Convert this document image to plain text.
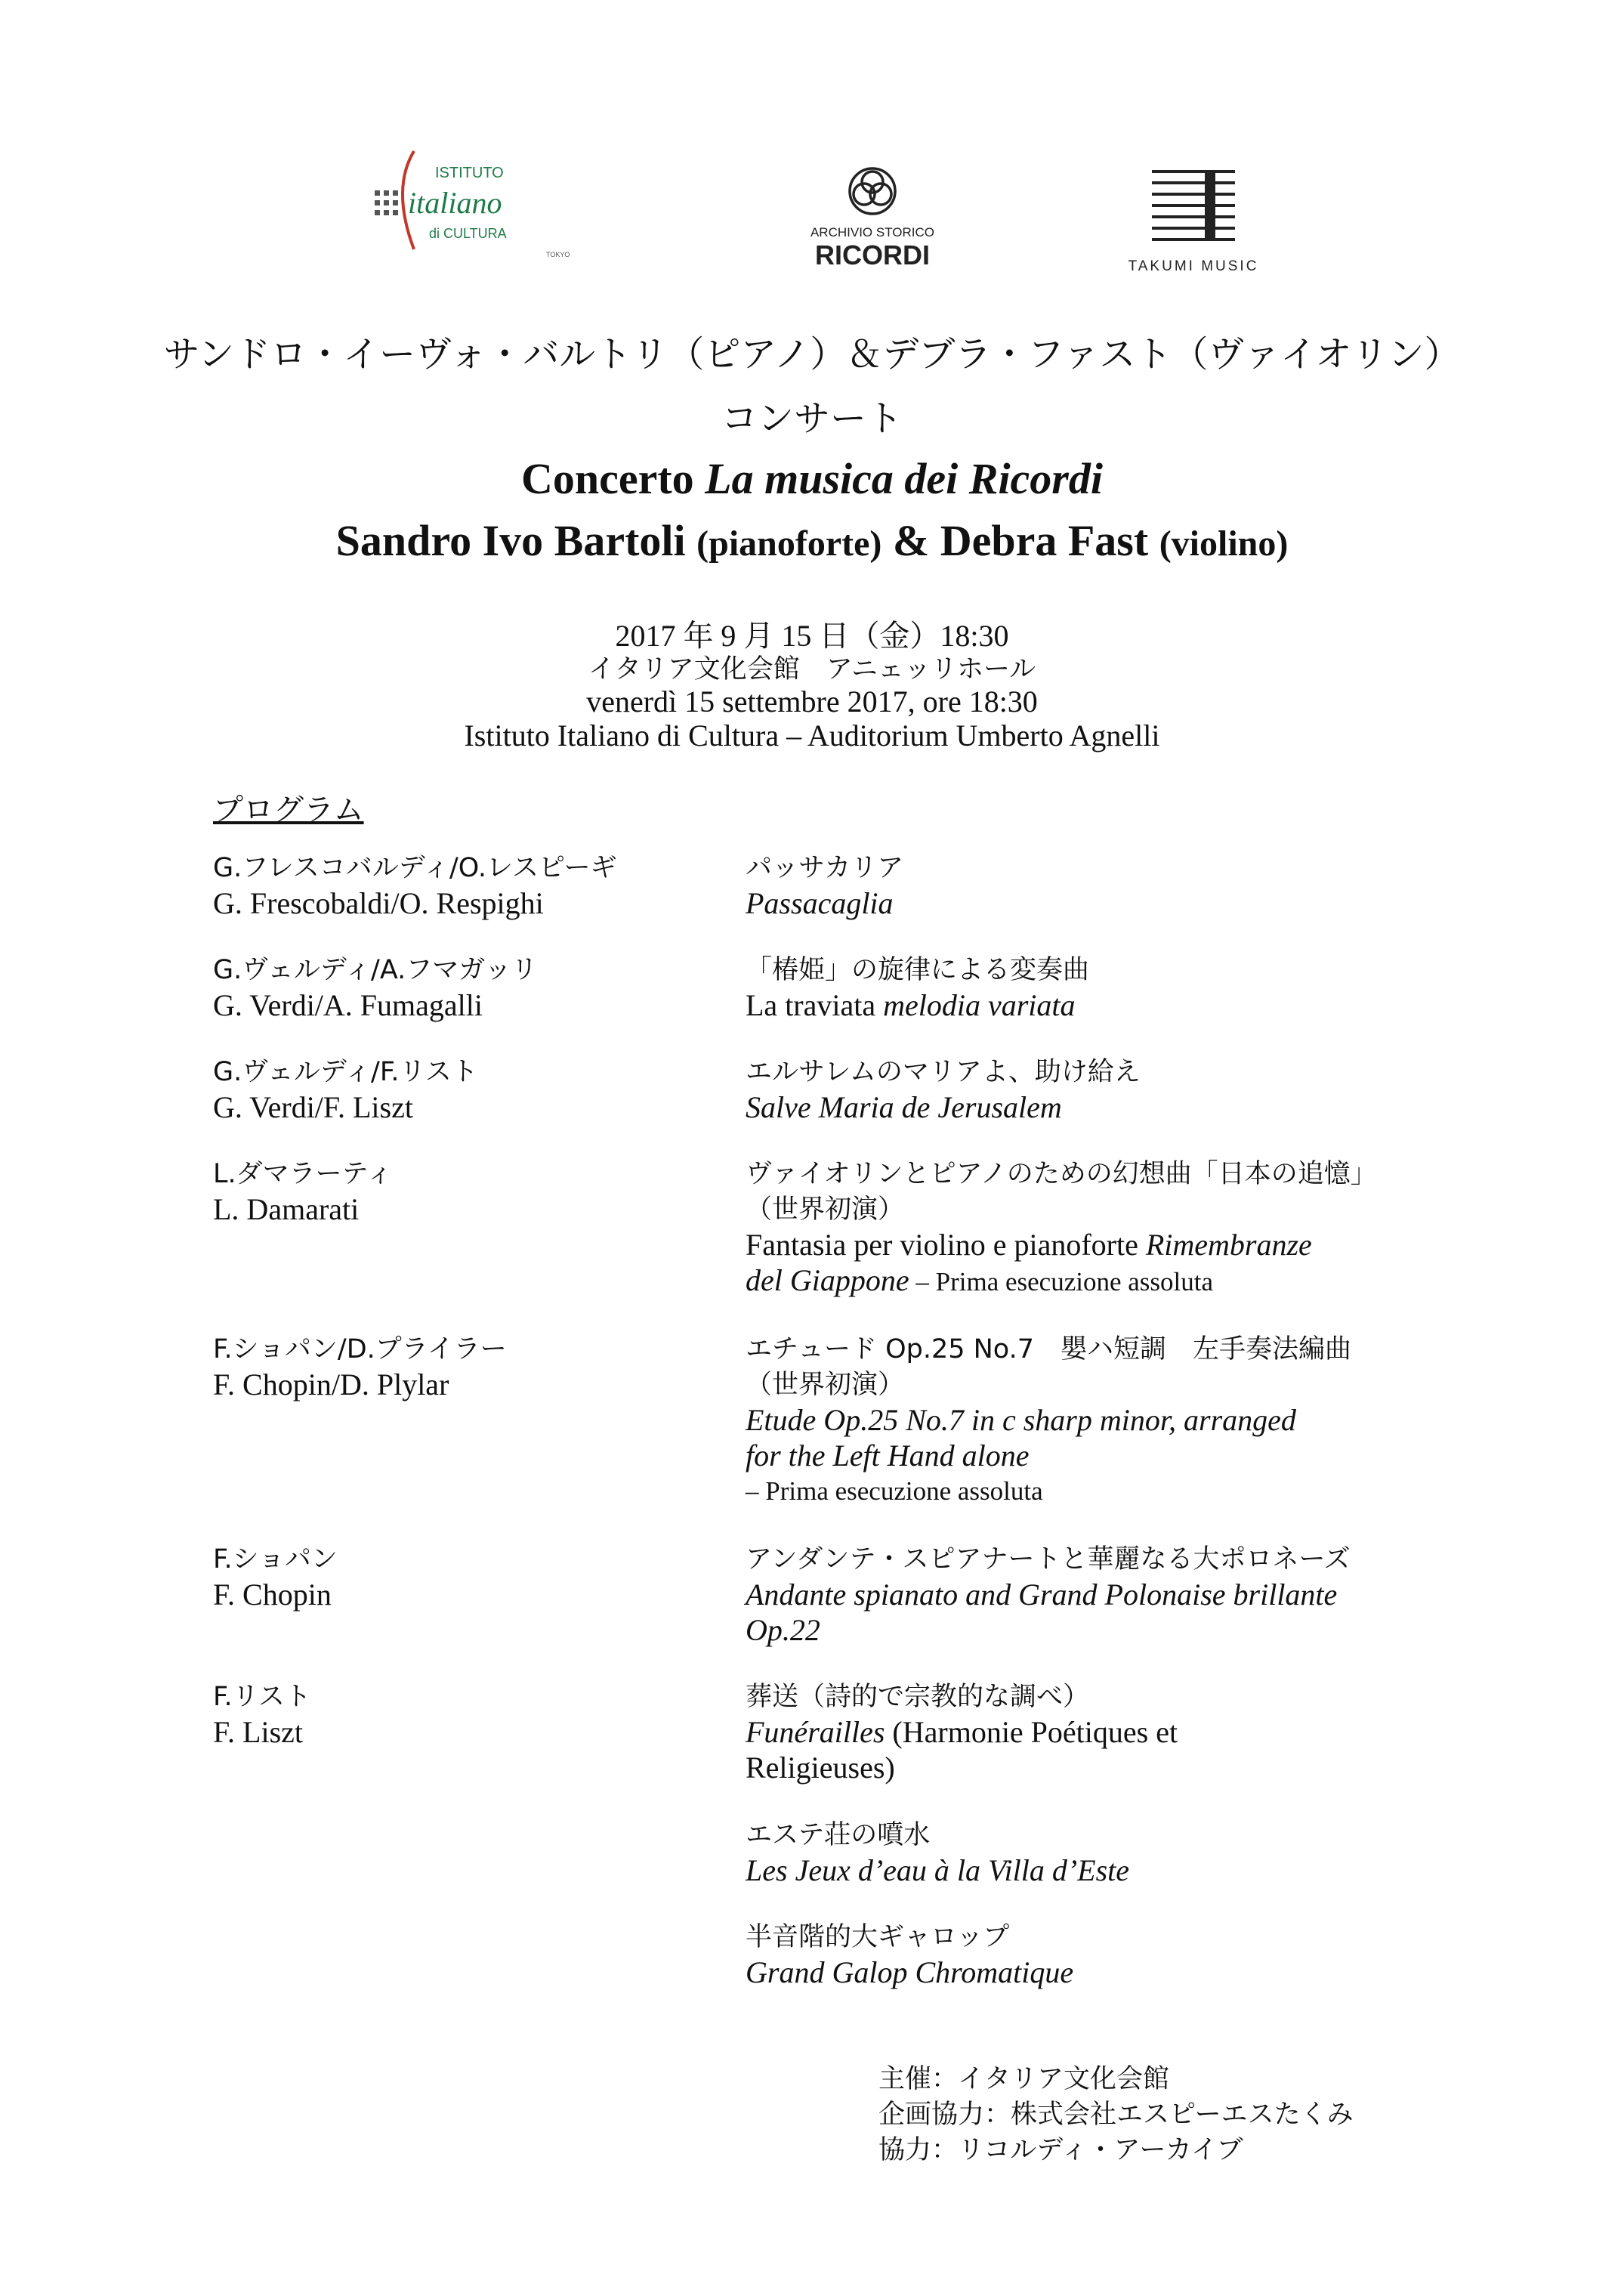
ISTITUTO
italiano
di CULTURA
TOKYO
ARCHIVIO STORICO
RICORDI	TAKUMI MUSIC
サンドロ・イーヴォ・バルトリ（ピアノ）＆デブラ・ファスト（ヴァイオリン）
コンサート
Concerto La musica dei Ricordi
Sandro Ivo Bartoli (pianoforte) & Debra Fast (violino)
2017 年 9 月 15 日（金）18:30
イタリア文化会館　アニェッリホール
venerdì 15 settembre 2017, ore 18:30
Istituto Italiano di Cultura – Auditorium Umberto Agnelli
プログラム
G.フレスコバルディ/O.レスピーギ
G. Frescobaldi/O. Respighi
パッサカリア
Passacaglia
G.ヴェルディ/A.フマガッリ
G. Verdi/A. Fumagalli
「椿姫」の旋律による変奏曲
La traviata melodia variata
G.ヴェルディ/F.リスト
G. Verdi/F. Liszt
エルサレムのマリアよ、助け給え
Salve Maria de Jerusalem
L.ダマラーティ
L. Damarati
ヴァイオリンとピアノのための幻想曲「日本の追憶」
（世界初演）
Fantasia per violino e pianoforte Rimembranze
del Giappone – Prima esecuzione assoluta
F.ショパン/D.プライラー
F. Chopin/D. Plylar
エチュード Op.25 No.7　嬰ハ短調　左手奏法編曲
（世界初演）
Etude Op.25 No.7 in c sharp minor, arranged
for the Left Hand alone
– Prima esecuzione assoluta
F.ショパン
F. Chopin
アンダンテ・スピアナートと華麗なる大ポロネーズ
Andante spianato and Grand Polonaise brillante
Op.22
F.リスト
F. Liszt
葬送（詩的で宗教的な調べ）
Funérailles (Harmonie Poétiques et
Religieuses)
エステ荘の噴水
Les Jeux d’eau à la Villa d’Este
半音階的大ギャロップ
Grand Galop Chromatique
主催：イタリア文化会館
企画協力：株式会社エスピーエスたくみ
協力：リコルディ・アーカイブ
